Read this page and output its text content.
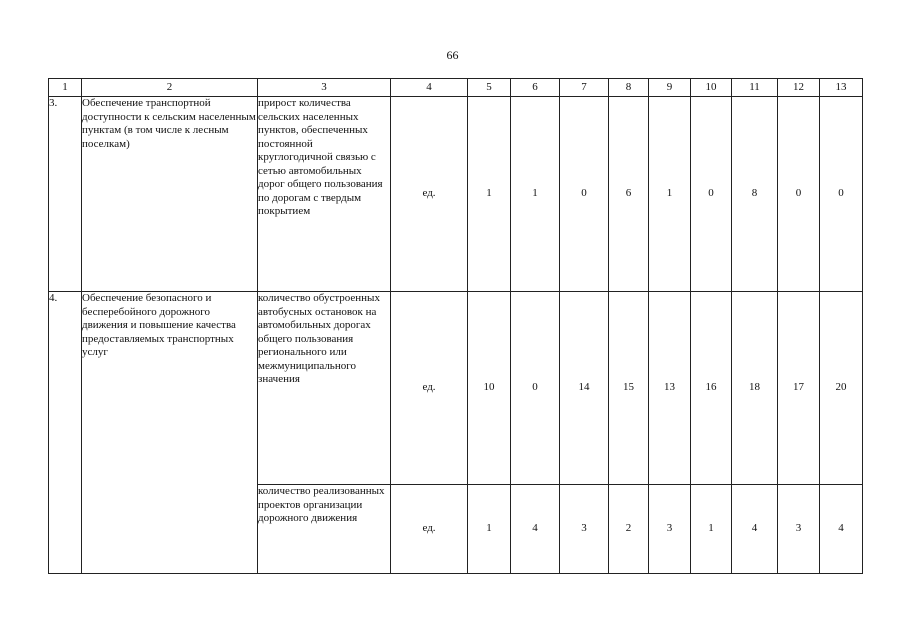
66
1	2	3	4	5	6	7	8	9	10	11	12	13
3.	Обеспечение транспортной доступности к сельским населенным пунктам (в том числе к лесным поселкам)	прирост количества сельских населенных пунктов, обеспеченных постоянной круглогодичной связью с сетью автомобильных дорог общего пользования по дорогам с твердым покрытием	ед.	1	1	0	6	1	0	8	0	0
4.	Обеспечение безопасного и бесперебойного дорожного движения и повышение качества предоставляемых транспортных услуг	количество обустроенных автобусных остановок на автомобильных дорогах общего пользования регионального или межмуниципального значения	ед.	10	0	14	15	13	16	18	17	20
		количество реализованных проектов организации дорожного движения	ед.	1	4	3	2	3	1	4	3	4
